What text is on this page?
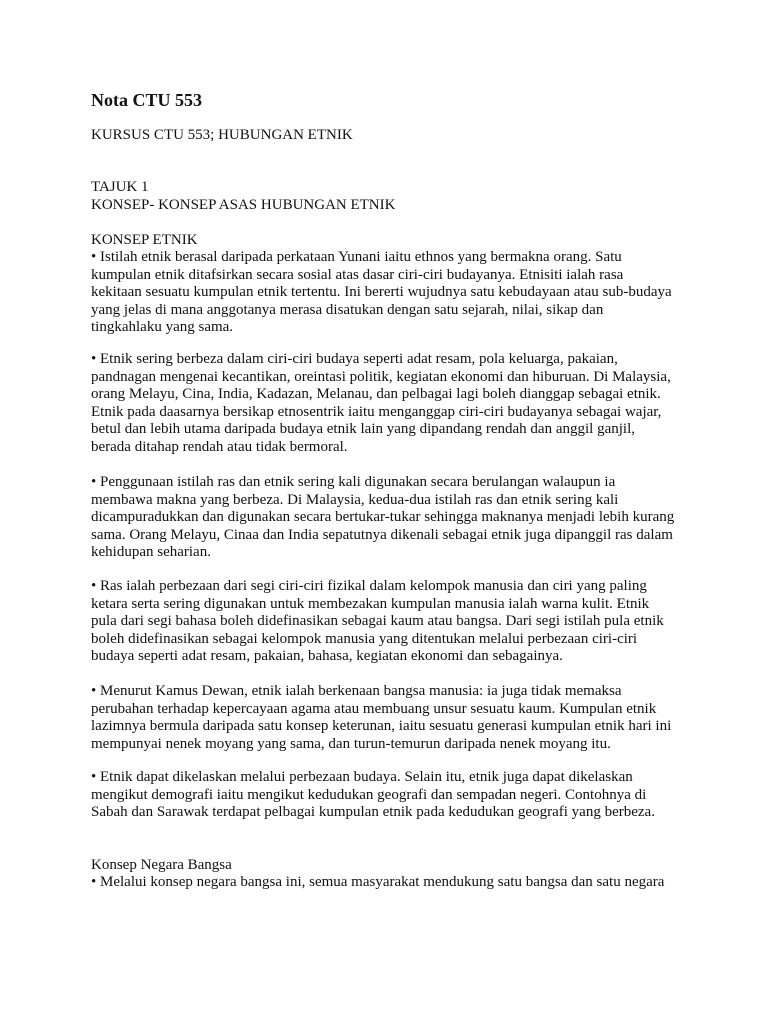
Nota CTU 553
KURSUS CTU 553; HUBUNGAN ETNIK
TAJUK 1
KONSEP- KONSEP ASAS HUBUNGAN ETNIK
KONSEP ETNIK

• Istilah etnik berasal daripada perkataan Yunani iaitu ethnos yang bermakna orang. Satu

kumpulan etnik ditafsirkan secara sosial atas dasar ciri-ciri budayanya. Etnisiti ialah rasa

kekitaan sesuatu kumpulan etnik tertentu. Ini bererti wujudnya satu kebudayaan atau sub-budaya

yang jelas di mana anggotanya merasa disatukan dengan satu sejarah, nilai, sikap dan

tingkahlaku yang sama.

• Etnik sering berbeza dalam ciri-ciri budaya seperti adat resam, pola keluarga, pakaian,

pandnagan mengenai kecantikan, oreintasi politik, kegiatan ekonomi dan hiburuan. Di Malaysia,

orang Melayu, Cina, India, Kadazan, Melanau, dan pelbagai lagi boleh dianggap sebagai etnik.

Etnik pada daasarnya bersikap etnosentrik iaitu menganggap ciri-ciri budayanya sebagai wajar,

betul dan lebih utama daripada budaya etnik lain yang dipandang rendah dan anggil ganjil,

berada ditahap rendah atau tidak bermoral.

• Penggunaan istilah ras dan etnik sering kali digunakan secara berulangan walaupun ia

membawa makna yang berbeza. Di Malaysia, kedua-dua istilah ras dan etnik sering kali

dicampuradukkan dan digunakan secara bertukar-tukar sehingga maknanya menjadi lebih kurang

sama. Orang Melayu, Cinaa dan India sepatutnya dikenali sebagai etnik juga dipanggil ras dalam

kehidupan seharian.

• Ras ialah perbezaan dari segi ciri-ciri fizikal dalam kelompok manusia dan ciri yang paling

ketara serta sering digunakan untuk membezakan kumpulan manusia ialah warna kulit. Etnik

pula dari segi bahasa boleh didefinasikan sebagai kaum atau bangsa. Dari segi istilah pula etnik

boleh didefinasikan sebagai kelompok manusia yang ditentukan melalui perbezaan ciri-ciri

budaya seperti adat resam, pakaian, bahasa, kegiatan ekonomi dan sebagainya.

• Menurut Kamus Dewan, etnik ialah berkenaan bangsa manusia: ia juga tidak memaksa

perubahan terhadap kepercayaan agama atau membuang unsur sesuatu kaum. Kumpulan etnik

lazimnya bermula daripada satu konsep keterunan, iaitu sesuatu generasi kumpulan etnik hari ini

mempunyai nenek moyang yang sama, dan turun-temurun daripada nenek moyang itu.

• Etnik dapat dikelaskan melalui perbezaan budaya. Selain itu, etnik juga dapat dikelaskan

mengikut demografi iaitu mengikut kedudukan geografi dan sempadan negeri. Contohnya di

Sabah dan Sarawak terdapat pelbagai kumpulan etnik pada kedudukan geografi yang berbeza.

Konsep Negara Bangsa
• Melalui konsep negara bangsa ini, semua masyarakat mendukung satu bangsa dan satu negara
